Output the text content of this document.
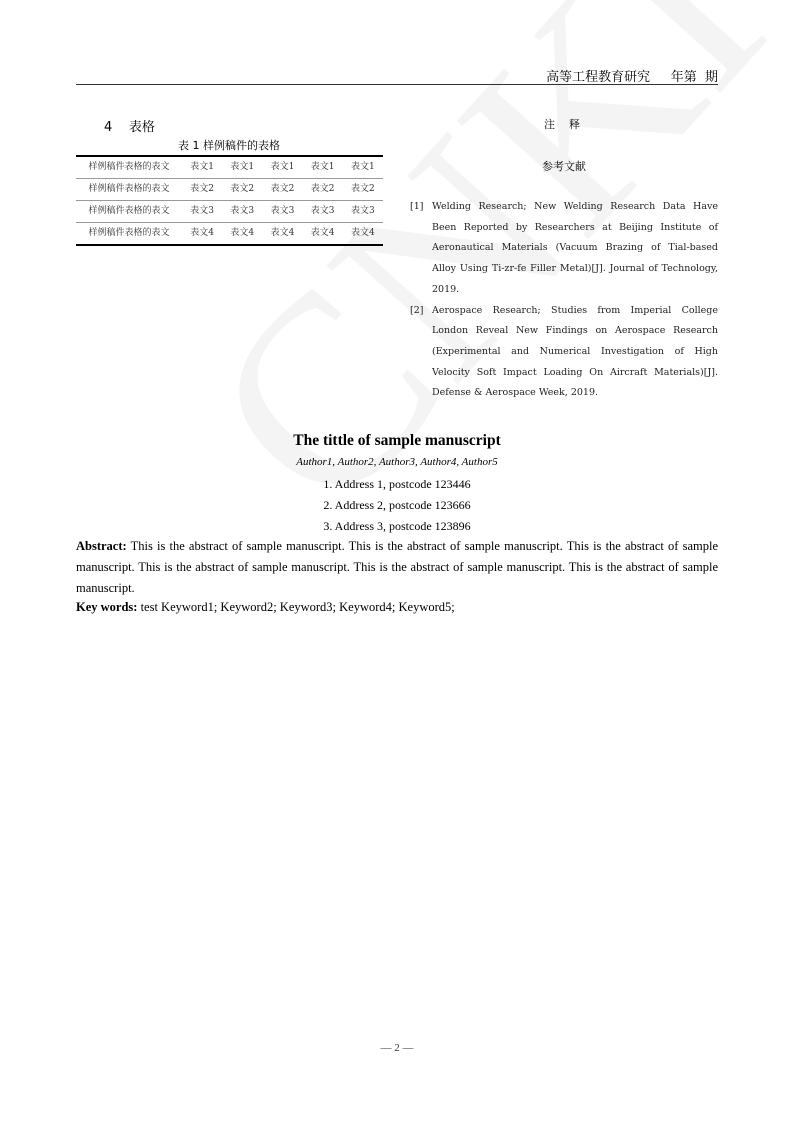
高等工程教育研究     年第  期
4 表格
表 1 样例稿件的表格
样例稿件表格的表文	表文1	表文1	表文1	表文1	表文1
样例稿件表格的表文	表文2	表文2	表文2	表文2	表文2
样例稿件表格的表文	表文3	表文3	表文3	表文3	表文3
样例稿件表格的表文	表文4	表文4	表文4	表文4	表文4
注    释
参考文献
[1] Welding Research; New Welding Research Data Have Been Reported by Researchers at Beijing Institute of Aeronautical Materials (Vacuum Brazing of Tial-based Alloy Using Ti-zr-fe Filler Metal)[J]. Journal of Technology, 2019.
[2] Aerospace Research; Studies from Imperial College London Reveal New Findings on Aerospace Research (Experimental and Numerical Investigation of High Velocity Soft Impact Loading On Aircraft Materials)[J]. Defense & Aerospace Week, 2019.
The tittle of sample manuscript
Author1, Author2, Author3, Author4, Author5
1. Address 1, postcode 123446
2. Address 2, postcode 123666
3. Address 3, postcode 123896
Abstract: This is the abstract of sample manuscript. This is the abstract of sample manuscript. This is the abstract of sample manuscript. This is the abstract of sample manuscript. This is the abstract of sample manuscript. This is the abstract of sample manuscript.
Key words: test Keyword1; Keyword2; Keyword3; Keyword4; Keyword5;
— 2 —
